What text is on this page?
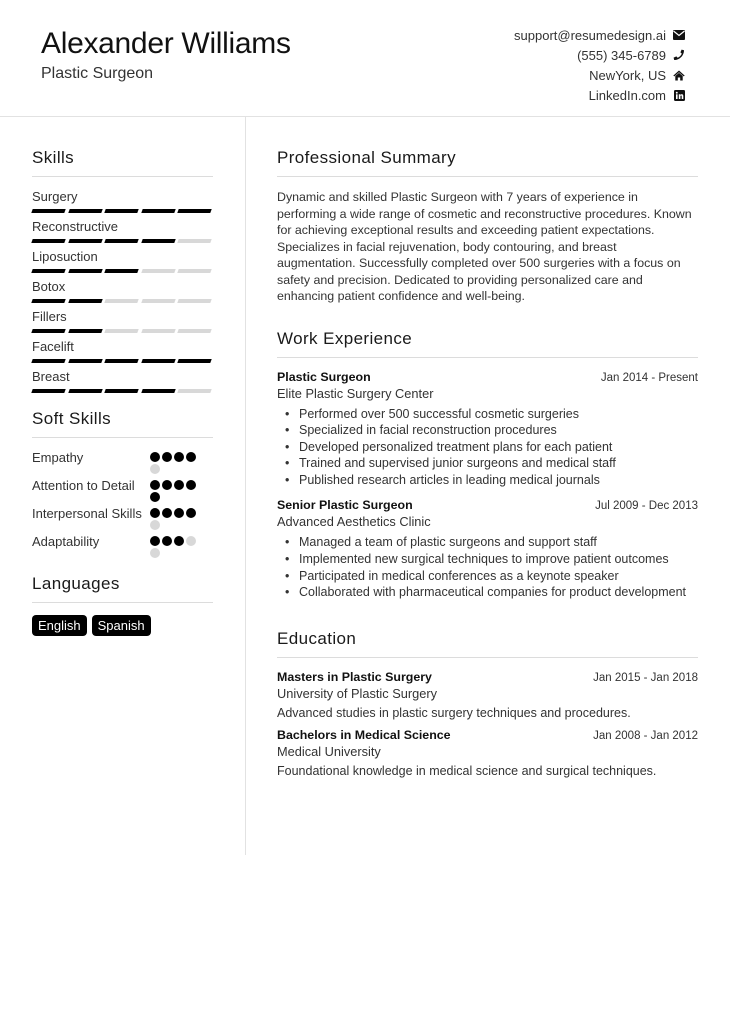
Alexander Williams
Plastic Surgeon
support@resumedesign.ai
(555) 345-6789
NewYork, US
LinkedIn.com
Skills
Surgery
Reconstructive
Liposuction
Botox
Fillers
Facelift
Breast
Soft Skills
Empathy
Attention to Detail
Interpersonal Skills
Adaptability
Languages
English	Spanish
Professional Summary

Dynamic and skilled Plastic Surgeon with 7 years of experience in performing a wide range of cosmetic and reconstructive procedures. Known for achieving exceptional results and exceeding patient expectations. Specializes in facial rejuvenation, body contouring, and breast augmentation. Successfully completed over 500 surgeries with a focus on safety and precision. Dedicated to providing personalized care and enhancing patient confidence and well-being.

Work Experience
Plastic Surgeon	Jan 2014 - Present
Elite Plastic Surgery Center
• Performed over 500 successful cosmetic surgeries
• Specialized in facial reconstruction procedures
• Developed personalized treatment plans for each patient
• Trained and supervised junior surgeons and medical staff
• Published research articles in leading medical journals
Senior Plastic Surgeon	Jul 2009 - Dec 2013
Advanced Aesthetics Clinic
• Managed a team of plastic surgeons and support staff
• Implemented new surgical techniques to improve patient outcomes
• Participated in medical conferences as a keynote speaker
• Collaborated with pharmaceutical companies for product development
Education
Masters in Plastic Surgery	Jan 2015 - Jan 2018
University of Plastic Surgery
Advanced studies in plastic surgery techniques and procedures.
Bachelors in Medical Science	Jan 2008 - Jan 2012
Medical University
Foundational knowledge in medical science and surgical techniques.
